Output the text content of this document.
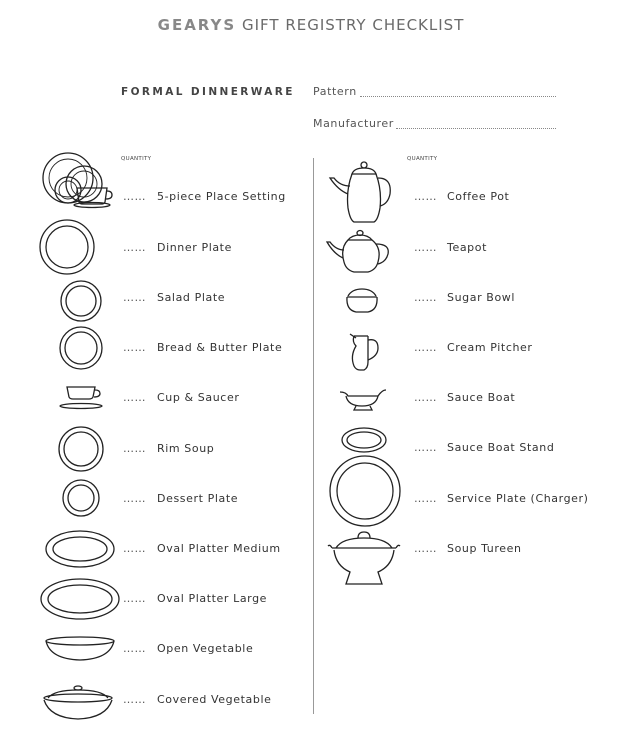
GEARYS GIFT REGISTRY CHECKLIST
FORMAL DINNERWARE Pattern
Manufacturer
QUANTITY	QUANTITY
…… 5-piece Place Setting
…… Dinner Plate
…… Salad Plate
…… Bread & Butter Plate
…… Cup & Saucer
…… Rim Soup
…… Dessert Plate
…… Oval Platter Medium
…… Oval Platter Large
…… Open Vegetable
…… Covered Vegetable
…… Coffee Pot
…… Teapot
…… Sugar Bowl
…… Cream Pitcher
…… Sauce Boat
…… Sauce Boat Stand
…… Service Plate (Charger)
…… Soup Tureen
